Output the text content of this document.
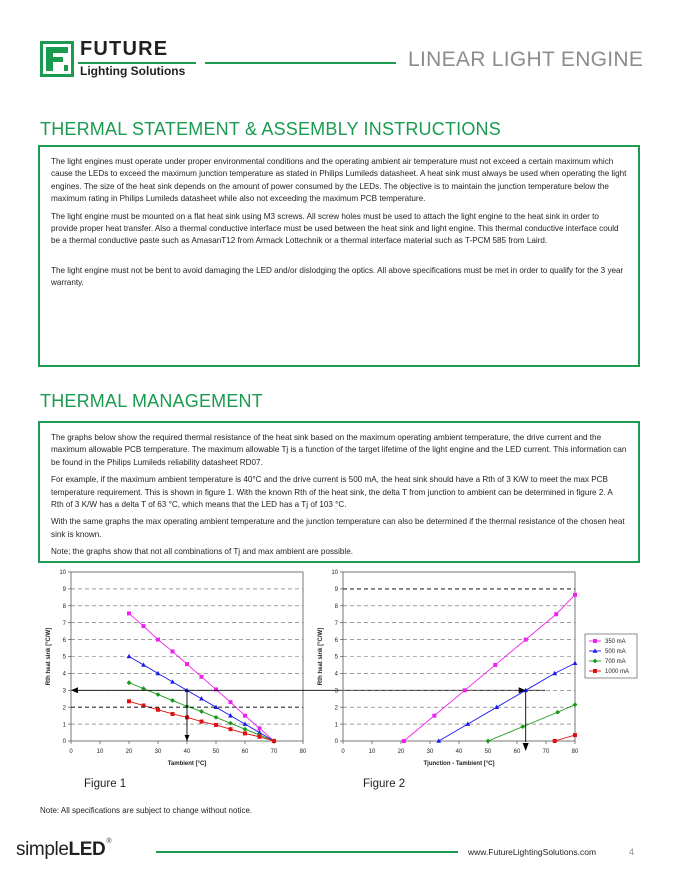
FUTURE
Lighting Solutions	LINEAR LIGHT ENGINE
THERMAL STATEMENT & ASSEMBLY INSTRUCTIONS

The light engines must operate under proper environmental conditions and the operating ambient air temperature must not exceed a certain maximum which cause the LEDs to exceed the maximum junction temperature as stated in Philips Lumileds datasheet. A heat sink must always be used when operating the light engines. The size of the heat sink depends on the amount of power consumed by the LEDs. The objective is to maintain the junction temperature below the maximum rating in Philips Lumileds datasheet while also not exceeding the maximum PCB temperature.

The light engine must be mounted on a flat heat sink using M3 screws. All screw holes must be used to attach the light engine to the heat sink in order to provide proper heat transfer. Also a thermal conductive interface must be used between the heat sink and light engine. This thermal conductive interface could be a thermal conductive paste such as AmasanT12 from Armack Lottechnik or a thermal interface material such as T-PCM 585 from Laird.

The light engine must not be bent to avoid damaging the LED and/or dislodging the optics. All above specifications must be met in order to qualify for the 3 year warranty.

THERMAL MANAGEMENT

The graphs below show the required thermal resistance of the heat sink based on the maximum operating ambient temperature, the drive current and the maximum allowable PCB temperature. The maximum allowable Tj is a function of the target lifetime of the light engine and the LED current. This information can be found in the Philips Lumileds reliability datasheet RD07.

For example, if the maximum ambient temperature is 40°C and the drive current is 500 mA, the heat sink should have a Rth of 3 K/W to meet the max PCB temperature requirement. This is shown in figure 1. With the known Rth of the heat sink, the delta T from junction to ambient can be determined in figure 2. A Rth of 3 K/W has a delta T of 63 °C, which means that the LED has a Tj of 103 °C.

With the same graphs the max operating ambient temperature and the junction temperature can also be determined if the thermal resistance of the chosen heat sink is known.

Note; the graphs show that not all combinations of Tj and max ambient are possible.

0
1
2
3
4
5
6
7
8
9
10
0	10	20	30	40	50	60	70	80
Tambient [°C]
Rth heat sink [°C/W]
0
1
2
3
4
5
6
7
8
9
10
0	10	20	30	40	50	60	70	80
Tjunction - Tambient [°C]
Rth heat sink [°C/W]	350 mA
500 mA
700 mA
1000 mA
Figure 1	Figure 2
Note: All specifications are subject to change without notice.
simpleLED®
www.FutureLightingSolutions.com	4
